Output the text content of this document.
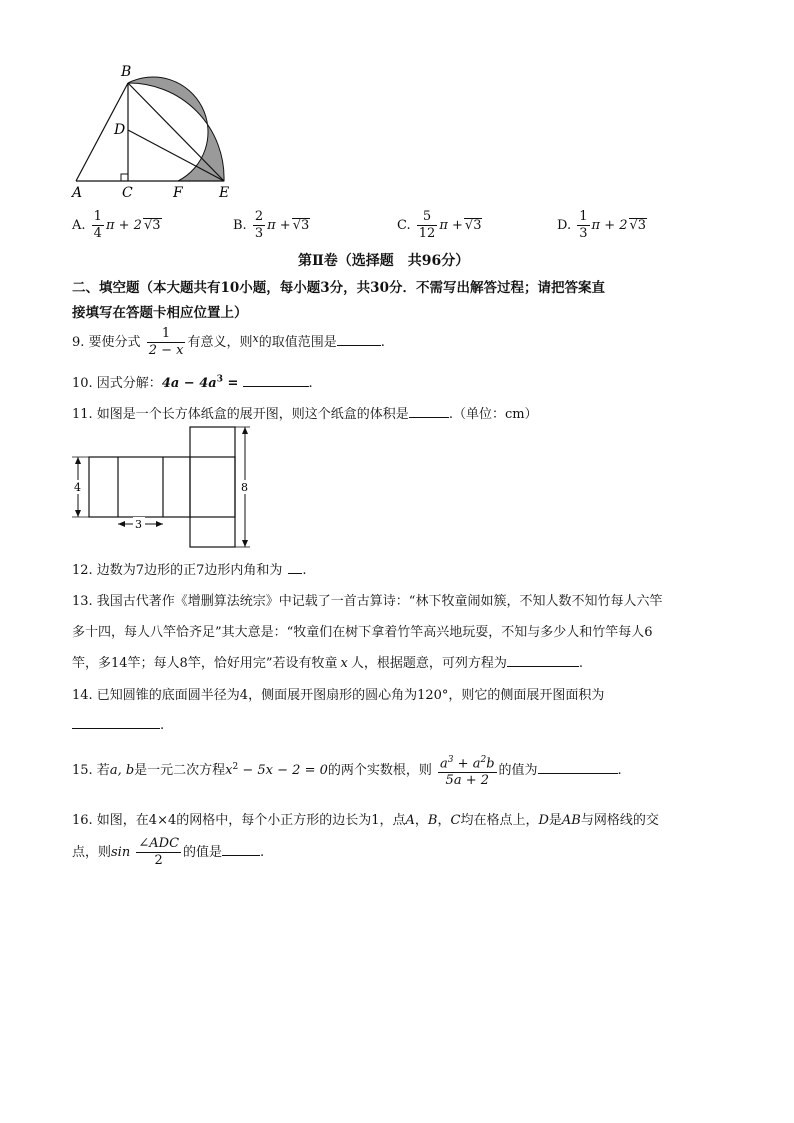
B
D
A	C	F	E
A. $\frac{1}{4}$ π + 2 √3	B. $\frac{2}{3}$ π + √3	C. $\frac{5}{12}$ π + √3	D. $\frac{1}{3}$ π + 2 √3
第Ⅱ卷（选择题　共96分）
二、填空题（本大题共有10小题，每小题3分，共30分．不需写出解答过程；请把答案直
接填写在答题卡相应位置上）
9. 要使分式 $\frac{1}{2 - x}$ 有意义，则$^x$的取值范围是	.
10. 因式分解：$4a - 4a^3$ =	.
11. 如图是一个长方体纸盒的展开图，则这个纸盒的体积是	.（单位：cm）
4
3
8
12. 边数为7边形的正7边形内角和为 .
13. 我国古代著作《增删算法统宗》中记载了一首古算诗：“林下牧童闹如簇，不知人数不知竹每人六竿
多十四，每人八竿恰齐足”其大意是：“牧童们在树下拿着竹竿高兴地玩耍，不知与多少人和竹竿每人6
竿，多14竿；每人8竿，恰好用完”若设有牧童 x 人，根据题意，可列方程为	.
14. 已知圆锥的底面圆半径为4，侧面展开图扇形的圆心角为120°，则它的侧面展开图面积为
.
15. 若a, b是一元二次方程$x^2 - 5x - 2 = 0$的两个实数根，则 $\frac{a^3 + a^2b}{5a + 2}$ 的值为	.
16. 如图，在4×4的网格中，每个小正方形的边长为1，点A，B，C均在格点上，D是AB与网格线的交
点，则$\sin \frac{\text{∠ADC}}{2}$ 的值是	.
